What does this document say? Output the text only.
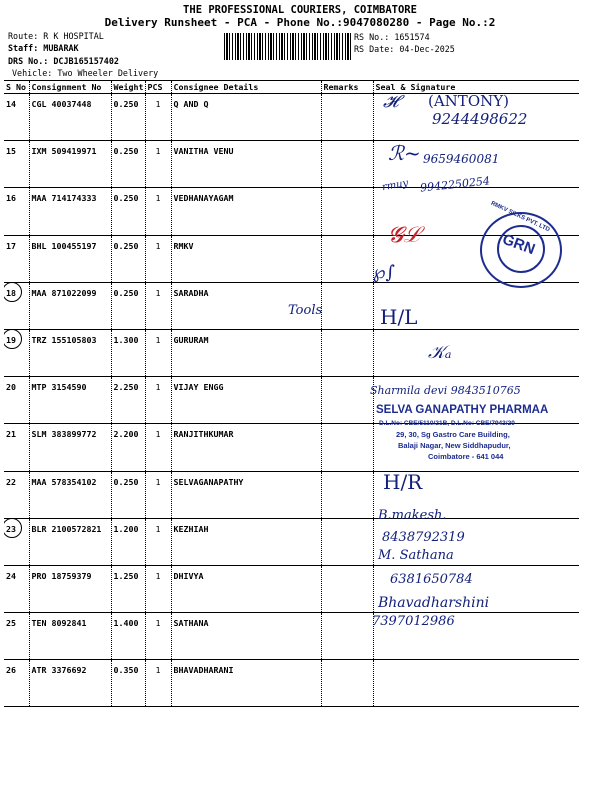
THE PROFESSIONAL COURIERS, COIMBATORE
Delivery Runsheet - PCA - Phone No.:9047080280 - Page No.:2
Route: R K HOSPITAL
Staff: MUBARAK
DRS No.: DCJB165157402
Vehicle: Two Wheeler Delivery
RS No.: 1651574
RS Date: 04-Dec-2025
S No	Consignment No	Weight	PCS	Consignee Details	Remarks	Seal & Signature
14	CGL 40037448	0.250	1	Q AND Q		
15	IXM 509419971	0.250	1	VANITHA VENU		
16	MAA 714174333	0.250	1	VEDHANAYAGAM		
17	BHL 100455197	0.250	1	RMKV		
18	MAA 871022099	0.250	1	SARADHA		
19	TRZ 155105803	1.300	1	GURURAM		
20	MTP 3154590	2.250	1	VIJAY ENGG		
21	SLM 383899772	2.200	1	RANJITHKUMAR		
22	MAA 578354102	0.250	1	SELVAGANAPATHY		
23	BLR 2100572821	1.200	1	KEZHIAH		
24	PRO 18759379	1.250	1	DHIVYA		
25	TEN 8092841	1.400	1	SATHANA		
26	ATR 3376692	0.350	1	BHAVADHARANI		
𝓗 (ANTONY)
9244498622
ℛ~ 9659460081
rmuy 9942250254
𝓖ℒ	GRN
RMKV SILKS PVT. LTD
℘∫
Tools	H/L
𝒦ₐ
Sharmila devi 9843510765
SELVA GANAPATHY PHARMAA
D.L.No: CBE/5110/21B, D.L.No: CBE/7943/20
29, 30, Sg Gastro Care Building,
Balaji Nagar, New Siddhapudur,
Coimbatore - 641 044
H/R
B.makesh.
8438792319
M. Sathana
6381650784
Bhavadharshini
7397012986
